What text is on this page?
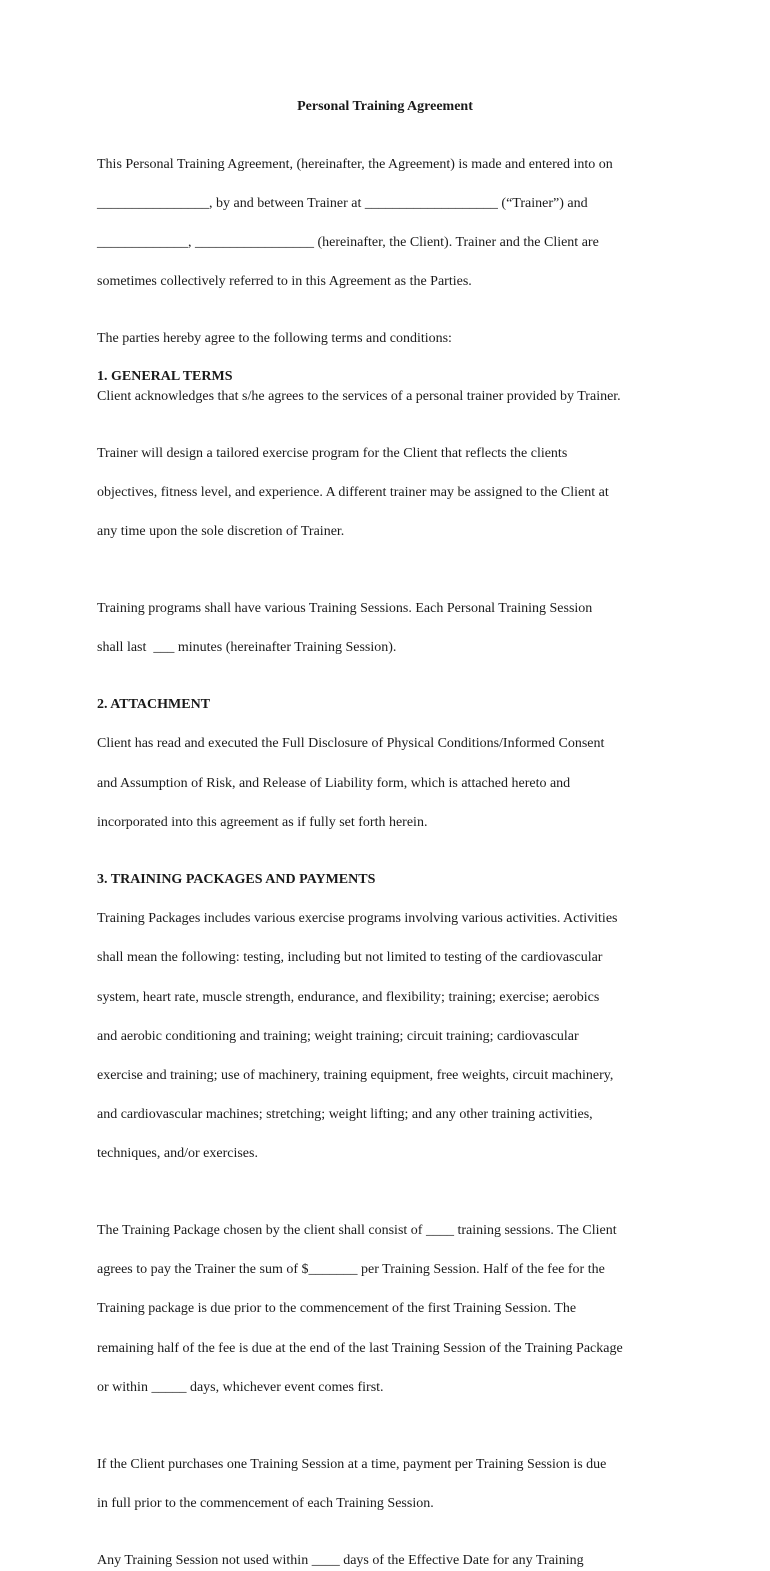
Personal Training Agreement

This Personal Training Agreement, (hereinafter, the Agreement) is made and entered into on

________________, by and between Trainer at ___________________ (“Trainer”) and

_____________, _________________ (hereinafter, the Client). Trainer and the Client are

sometimes collectively referred to in this Agreement as the Parties.

The parties hereby agree to the following terms and conditions:
1. GENERAL TERMS
Client acknowledges that s/he agrees to the services of a personal trainer provided by Trainer.

Trainer will design a tailored exercise program for the Client that reflects the clients

objectives, fitness level, and experience. A different trainer may be assigned to the Client at

any time upon the sole discretion of Trainer.

Training programs shall have various Training Sessions. Each Personal Training Session

shall last  ___ minutes (hereinafter Training Session).

2. ATTACHMENT

Client has read and executed the Full Disclosure of Physical Conditions/Informed Consent

and Assumption of Risk, and Release of Liability form, which is attached hereto and

incorporated into this agreement as if fully set forth herein.

3. TRAINING PACKAGES AND PAYMENTS

Training Packages includes various exercise programs involving various activities. Activities

shall mean the following: testing, including but not limited to testing of the cardiovascular

system, heart rate, muscle strength, endurance, and flexibility; training; exercise; aerobics

and aerobic conditioning and training; weight training; circuit training; cardiovascular

exercise and training; use of machinery, training equipment, free weights, circuit machinery,

and cardiovascular machines; stretching; weight lifting; and any other training activities,

techniques, and/or exercises.

The Training Package chosen by the client shall consist of ____ training sessions. The Client

agrees to pay the Trainer the sum of $_______ per Training Session. Half of the fee for the

Training package is due prior to the commencement of the first Training Session. The

remaining half of the fee is due at the end of the last Training Session of the Training Package

or within _____ days, whichever event comes first.

If the Client purchases one Training Session at a time, payment per Training Session is due

in full prior to the commencement of each Training Session.

Any Training Session not used within ____ days of the Effective Date for any Training
